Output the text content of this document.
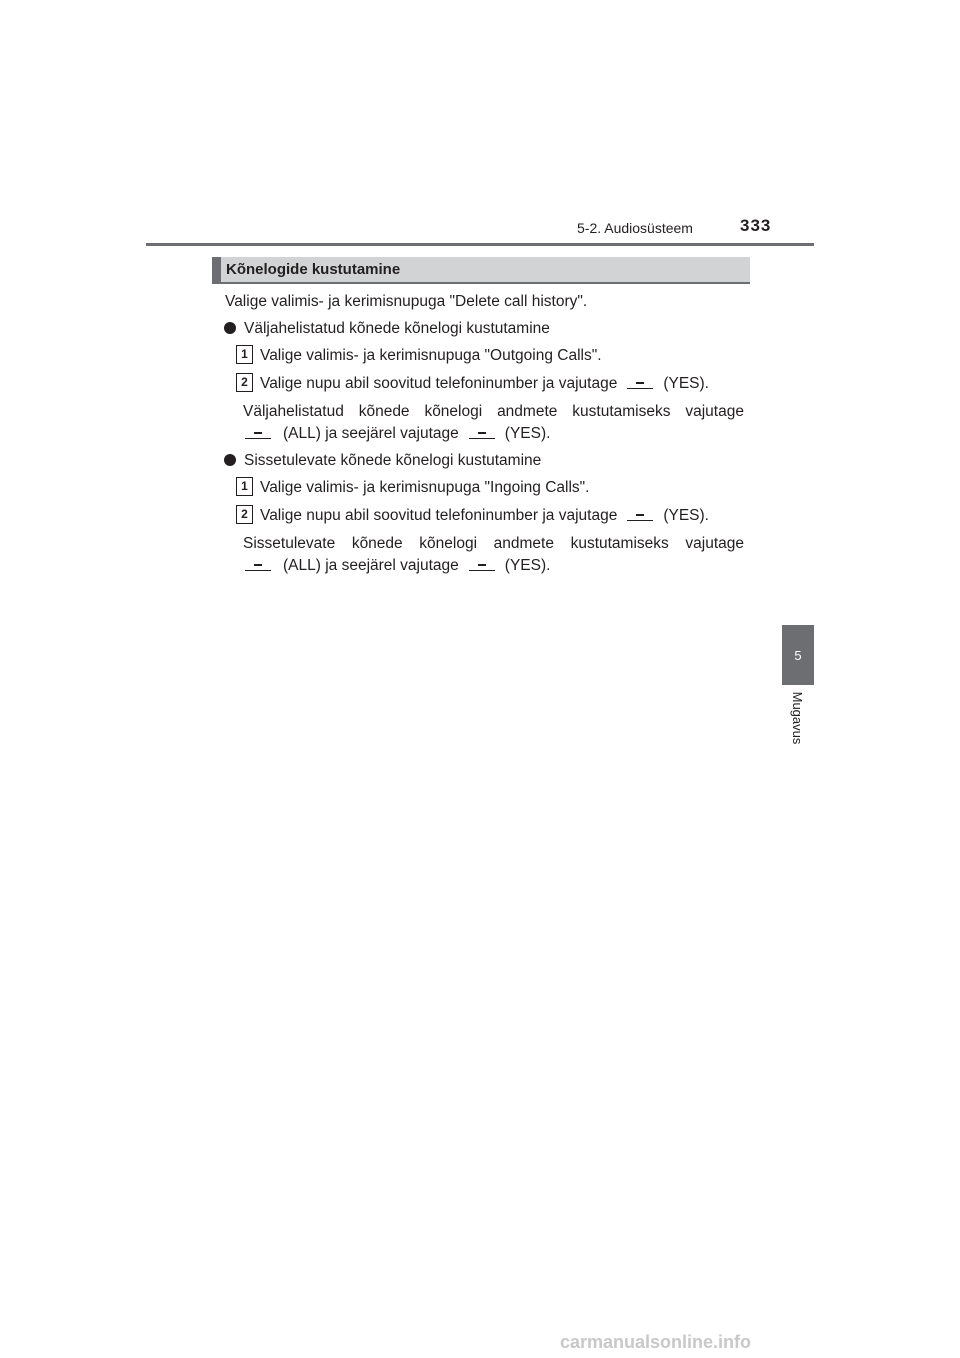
5-2. Audiosüsteem	333
5
Mugavus
Kõnelogide kustutamine
Valige valimis- ja kerimisnupuga "Delete call history".
Väljahelistatud kõnede kõnelogi kustutamine
1 Valige valimis- ja kerimisnupuga "Outgoing Calls".
2 Valige nupu abil soovitud telefoninumber ja vajutage	(YES).
Väljahelistatud kõnede kõnelogi andmete kustutamiseks vajutage
(ALL) ja seejärel vajutage	(YES).
Sissetulevate kõnede kõnelogi kustutamine
1 Valige valimis- ja kerimisnupuga "Ingoing Calls".
2 Valige nupu abil soovitud telefoninumber ja vajutage	(YES).
Sissetulevate kõnede kõnelogi andmete kustutamiseks vajutage
(ALL) ja seejärel vajutage	(YES).
carmanualsonline.info
